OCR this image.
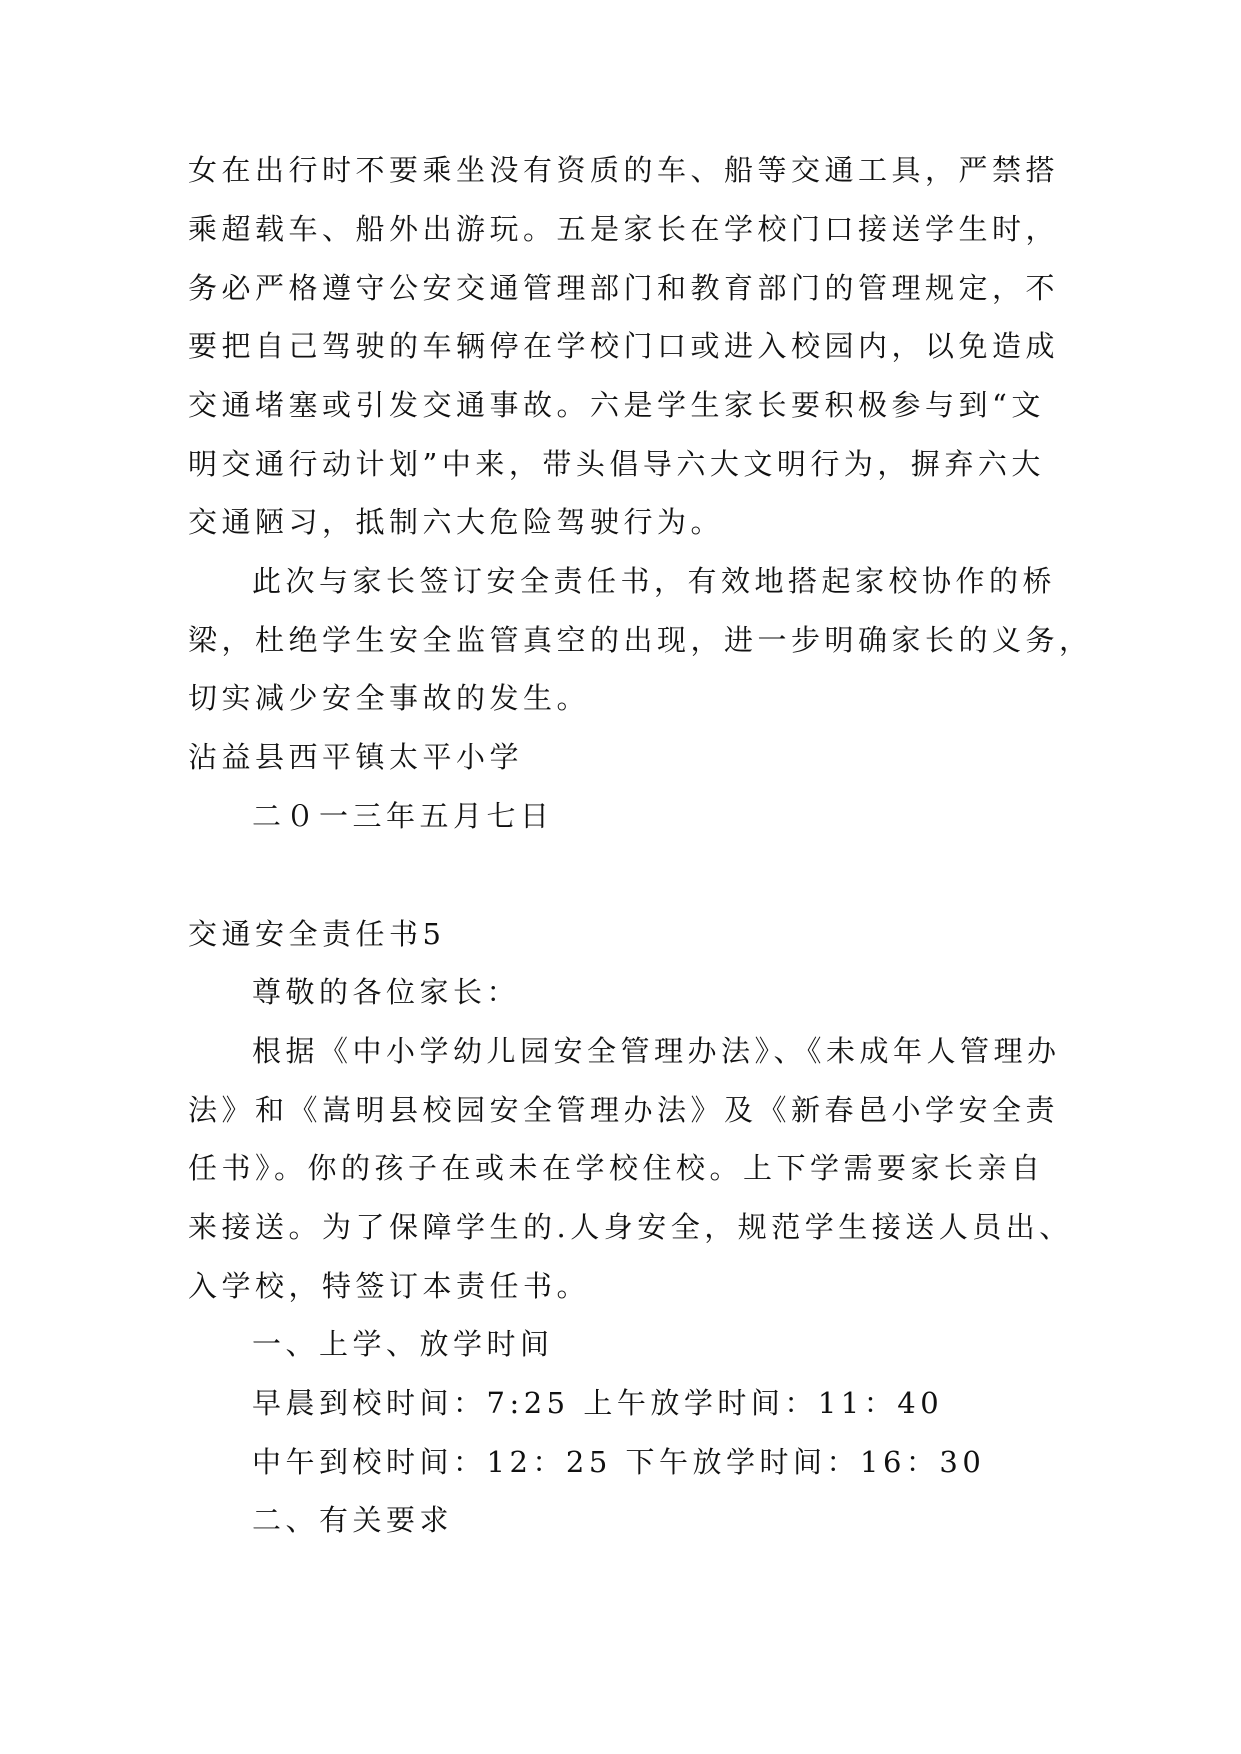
女在出行时不要乘坐没有资质的车、船等交通工具，严禁搭
乘超载车、船外出游玩。五是家长在学校门口接送学生时，
务必严格遵守公安交通管理部门和教育部门的管理规定，不
要把自己驾驶的车辆停在学校门口或进入校园内，以免造成
交通堵塞或引发交通事故。六是学生家长要积极参与到“文
明交通行动计划”中来，带头倡导六大文明行为，摒弃六大
交通陋习，抵制六大危险驾驶行为。
此次与家长签订安全责任书，有效地搭起家校协作的桥
梁，杜绝学生安全监管真空的出现，进一步明确家长的义务，
切实减少安全事故的发生。
沾益县西平镇太平小学
二０一三年五月七日
交通安全责任书5
尊敬的各位家长：
根据《中小学幼儿园安全管理办法》、《未成年人管理办
法》和《嵩明县校园安全管理办法》及《新春邑小学安全责
任书》。你的孩子在或未在学校住校。上下学需要家长亲自
来接送。为了保障学生的.人身安全，规范学生接送人员出、
入学校，特签订本责任书。
一、上学、放学时间
早晨到校时间：7:25 上午放学时间：11：40
中午到校时间：12：25 下午放学时间：16：30
二、有关要求
